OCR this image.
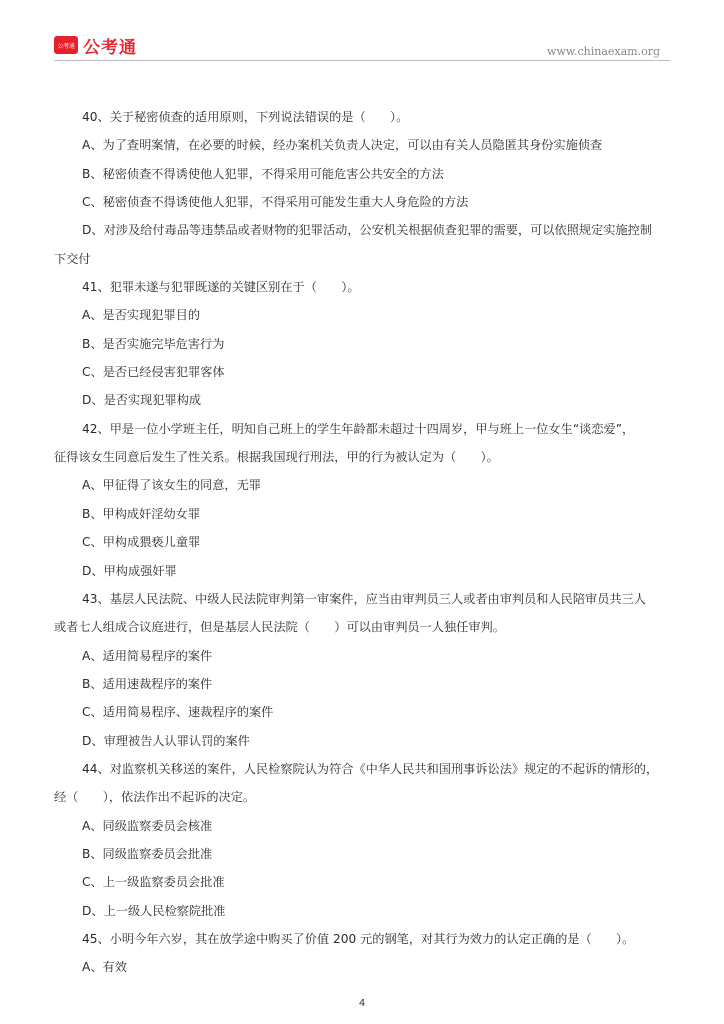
公考通 公考通	www.chinaexam.org
40、关于秘密侦查的适用原则，下列说法错误的是（　　）。
A、为了查明案情，在必要的时候，经办案机关负责人决定，可以由有关人员隐匿其身份实施侦查
B、秘密侦查不得诱使他人犯罪，不得采用可能危害公共安全的方法
C、秘密侦查不得诱使他人犯罪，不得采用可能发生重大人身危险的方法
D、对涉及给付毒品等违禁品或者财物的犯罪活动，公安机关根据侦查犯罪的需要，可以依照规定实施控制
下交付
41、犯罪未遂与犯罪既遂的关键区别在于（　　）。
A、是否实现犯罪目的
B、是否实施完毕危害行为
C、是否已经侵害犯罪客体
D、是否实现犯罪构成
42、甲是一位小学班主任，明知自己班上的学生年龄都未超过十四周岁，甲与班上一位女生“谈恋爱”，
征得该女生同意后发生了性关系。根据我国现行刑法，甲的行为被认定为（　　）。
A、甲征得了该女生的同意，无罪
B、甲构成奸淫幼女罪
C、甲构成猥亵儿童罪
D、甲构成强奸罪
43、基层人民法院、中级人民法院审判第一审案件，应当由审判员三人或者由审判员和人民陪审员共三人
或者七人组成合议庭进行，但是基层人民法院（　　）可以由审判员一人独任审判。
A、适用简易程序的案件
B、适用速裁程序的案件
C、适用简易程序、速裁程序的案件
D、审理被告人认罪认罚的案件
44、对监察机关移送的案件，人民检察院认为符合《中华人民共和国刑事诉讼法》规定的不起诉的情形的，
经（　　），依法作出不起诉的决定。
A、同级监察委员会核准
B、同级监察委员会批准
C、上一级监察委员会批准
D、上一级人民检察院批准
45、小明今年六岁，其在放学途中购买了价值 200 元的钢笔，对其行为效力的认定正确的是（　　）。
A、有效
4
